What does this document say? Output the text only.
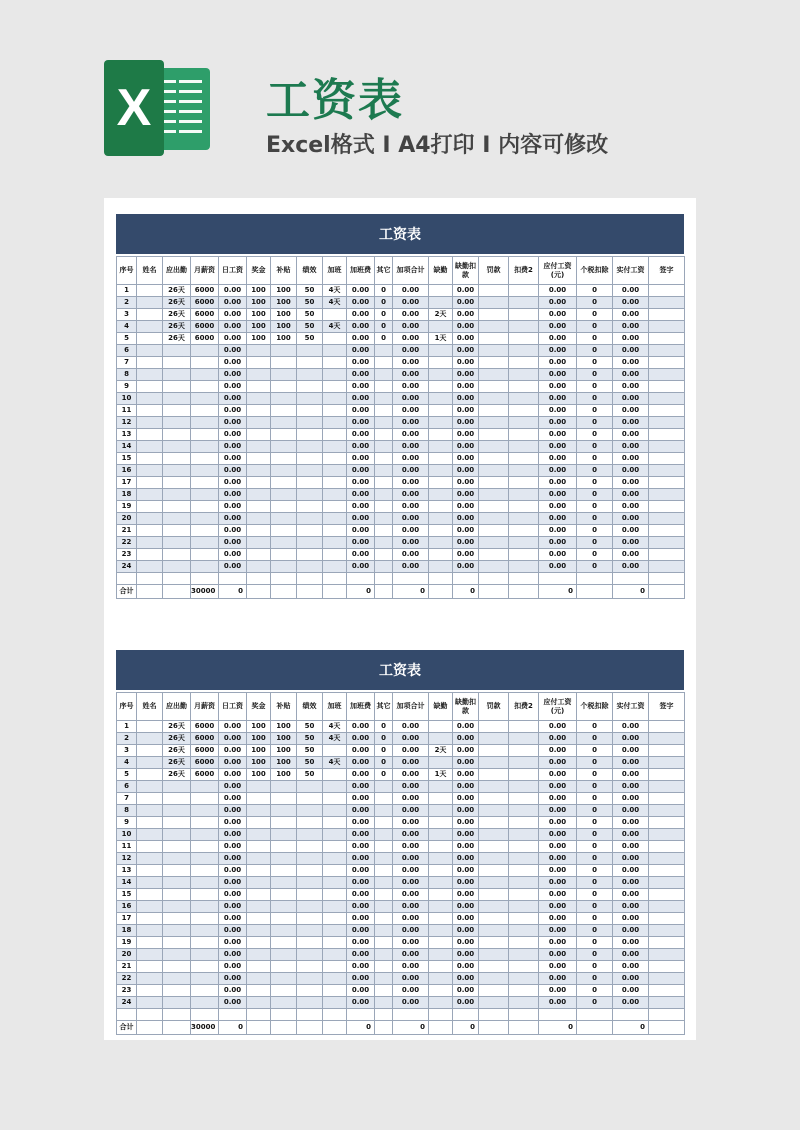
X	工资表
Excel格式 I A4打印 I 内容可修改
工资表
序号	姓名	应出勤	月薪资	日工资	奖金	补贴	绩效	加班	加班费	其它	加项合计	缺勤	缺勤扣款	罚款	扣费2	应付工资(元)	个税扣除	实付工资	签字
1		26天	6000	0.00	100	100	50	4天	0.00	0	0.00		0.00			0.00	0	0.00	
2		26天	6000	0.00	100	100	50	4天	0.00	0	0.00		0.00			0.00	0	0.00	
3		26天	6000	0.00	100	100	50		0.00	0	0.00	2天	0.00			0.00	0	0.00	
4		26天	6000	0.00	100	100	50	4天	0.00	0	0.00		0.00			0.00	0	0.00	
5		26天	6000	0.00	100	100	50		0.00	0	0.00	1天	0.00			0.00	0	0.00	
6				0.00					0.00		0.00		0.00			0.00	0	0.00	
7				0.00					0.00		0.00		0.00			0.00	0	0.00	
8				0.00					0.00		0.00		0.00			0.00	0	0.00	
9				0.00					0.00		0.00		0.00			0.00	0	0.00	
10				0.00					0.00		0.00		0.00			0.00	0	0.00	
11				0.00					0.00		0.00		0.00			0.00	0	0.00	
12				0.00					0.00		0.00		0.00			0.00	0	0.00	
13				0.00					0.00		0.00		0.00			0.00	0	0.00	
14				0.00					0.00		0.00		0.00			0.00	0	0.00	
15				0.00					0.00		0.00		0.00			0.00	0	0.00	
16				0.00					0.00		0.00		0.00			0.00	0	0.00	
17				0.00					0.00		0.00		0.00			0.00	0	0.00	
18				0.00					0.00		0.00		0.00			0.00	0	0.00	
19				0.00					0.00		0.00		0.00			0.00	0	0.00	
20				0.00					0.00		0.00		0.00			0.00	0	0.00	
21				0.00					0.00		0.00		0.00			0.00	0	0.00	
22				0.00					0.00		0.00		0.00			0.00	0	0.00	
23				0.00					0.00		0.00		0.00			0.00	0	0.00	
24				0.00					0.00		0.00		0.00			0.00	0	0.00	

合计			30000	0					0		0		0			0		0	
工资表
序号	姓名	应出勤	月薪资	日工资	奖金	补贴	绩效	加班	加班费	其它	加项合计	缺勤	缺勤扣款	罚款	扣费2	应付工资(元)	个税扣除	实付工资	签字
1		26天	6000	0.00	100	100	50	4天	0.00	0	0.00		0.00			0.00	0	0.00	
2		26天	6000	0.00	100	100	50	4天	0.00	0	0.00		0.00			0.00	0	0.00	
3		26天	6000	0.00	100	100	50		0.00	0	0.00	2天	0.00			0.00	0	0.00	
4		26天	6000	0.00	100	100	50	4天	0.00	0	0.00		0.00			0.00	0	0.00	
5		26天	6000	0.00	100	100	50		0.00	0	0.00	1天	0.00			0.00	0	0.00	
6				0.00					0.00		0.00		0.00			0.00	0	0.00	
7				0.00					0.00		0.00		0.00			0.00	0	0.00	
8				0.00					0.00		0.00		0.00			0.00	0	0.00	
9				0.00					0.00		0.00		0.00			0.00	0	0.00	
10				0.00					0.00		0.00		0.00			0.00	0	0.00	
11				0.00					0.00		0.00		0.00			0.00	0	0.00	
12				0.00					0.00		0.00		0.00			0.00	0	0.00	
13				0.00					0.00		0.00		0.00			0.00	0	0.00	
14				0.00					0.00		0.00		0.00			0.00	0	0.00	
15				0.00					0.00		0.00		0.00			0.00	0	0.00	
16				0.00					0.00		0.00		0.00			0.00	0	0.00	
17				0.00					0.00		0.00		0.00			0.00	0	0.00	
18				0.00					0.00		0.00		0.00			0.00	0	0.00	
19				0.00					0.00		0.00		0.00			0.00	0	0.00	
20				0.00					0.00		0.00		0.00			0.00	0	0.00	
21				0.00					0.00		0.00		0.00			0.00	0	0.00	
22				0.00					0.00		0.00		0.00			0.00	0	0.00	
23				0.00					0.00		0.00		0.00			0.00	0	0.00	
24				0.00					0.00		0.00		0.00			0.00	0	0.00	

合计			30000	0					0		0		0			0		0	
